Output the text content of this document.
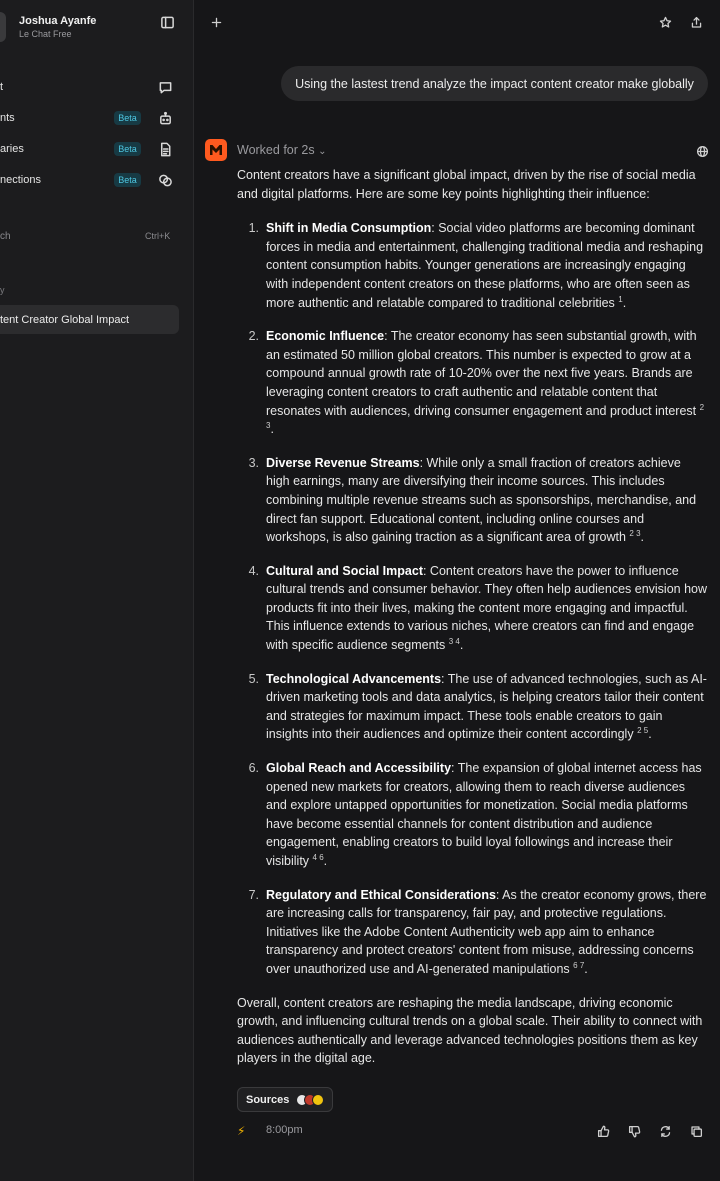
Joshua Ayanfe
Le Chat Free
t
nts	Beta
aries	Beta
nections	Beta
ch	Ctrl+K
y
tent Creator Global Impact
Using the lastest trend analyze the impact content creator make globally
Worked for 2s ⌄

Content creators have a significant global impact, driven by the rise of social media and digital platforms. Here are some key points highlighting their influence:

1. Shift in Media Consumption: Social video platforms are becoming dominant forces in media and entertainment, challenging traditional media and reshaping content consumption habits. Younger generations are increasingly engaging with independent content creators on these platforms, who are often seen as more authentic and relatable compared to traditional celebrities $^1$.
2. Economic Influence: The creator economy has seen substantial growth, with an estimated 50 million global creators. This number is expected to grow at a compound annual growth rate of 10-20% over the next five years. Brands are leveraging content creators to craft authentic and relatable content that resonates with audiences, driving consumer engagement and product interest $^{2 3}$.
3. Diverse Revenue Streams: While only a small fraction of creators achieve high earnings, many are diversifying their income sources. This includes combining multiple revenue streams such as sponsorships, merchandise, and direct fan support. Educational content, including online courses and workshops, is also gaining traction as a significant area of growth $^{2 3}$.
4. Cultural and Social Impact: Content creators have the power to influence cultural trends and consumer behavior. They often help audiences envision how products fit into their lives, making the content more engaging and impactful. This influence extends to various niches, where creators can find and engage with specific audience segments $^{3 4}$.
5. Technological Advancements: The use of advanced technologies, such as AI-driven marketing tools and data analytics, is helping creators tailor their content and strategies for maximum impact. These tools enable creators to gain insights into their audiences and optimize their content accordingly $^{2 5}$.
6. Global Reach and Accessibility: The expansion of global internet access has opened new markets for creators, allowing them to reach diverse audiences and explore untapped opportunities for monetization. Social media platforms have become essential channels for content distribution and audience engagement, enabling creators to build loyal followings and increase their visibility $^{4 6}$.
7. Regulatory and Ethical Considerations: As the creator economy grows, there are increasing calls for transparency, fair pay, and protective regulations. Initiatives like the Adobe Content Authenticity web app aim to enhance transparency and protect creators' content from misuse, addressing concerns over unauthorized use and AI-generated manipulations $^{6 7}$.

Overall, content creators are reshaping the media landscape, driving economic growth, and influencing cultural trends on a global scale. Their ability to connect with audiences authentically and leverage advanced technologies positions them as key players in the digital age.

Sources
⚡ 8:00pm
